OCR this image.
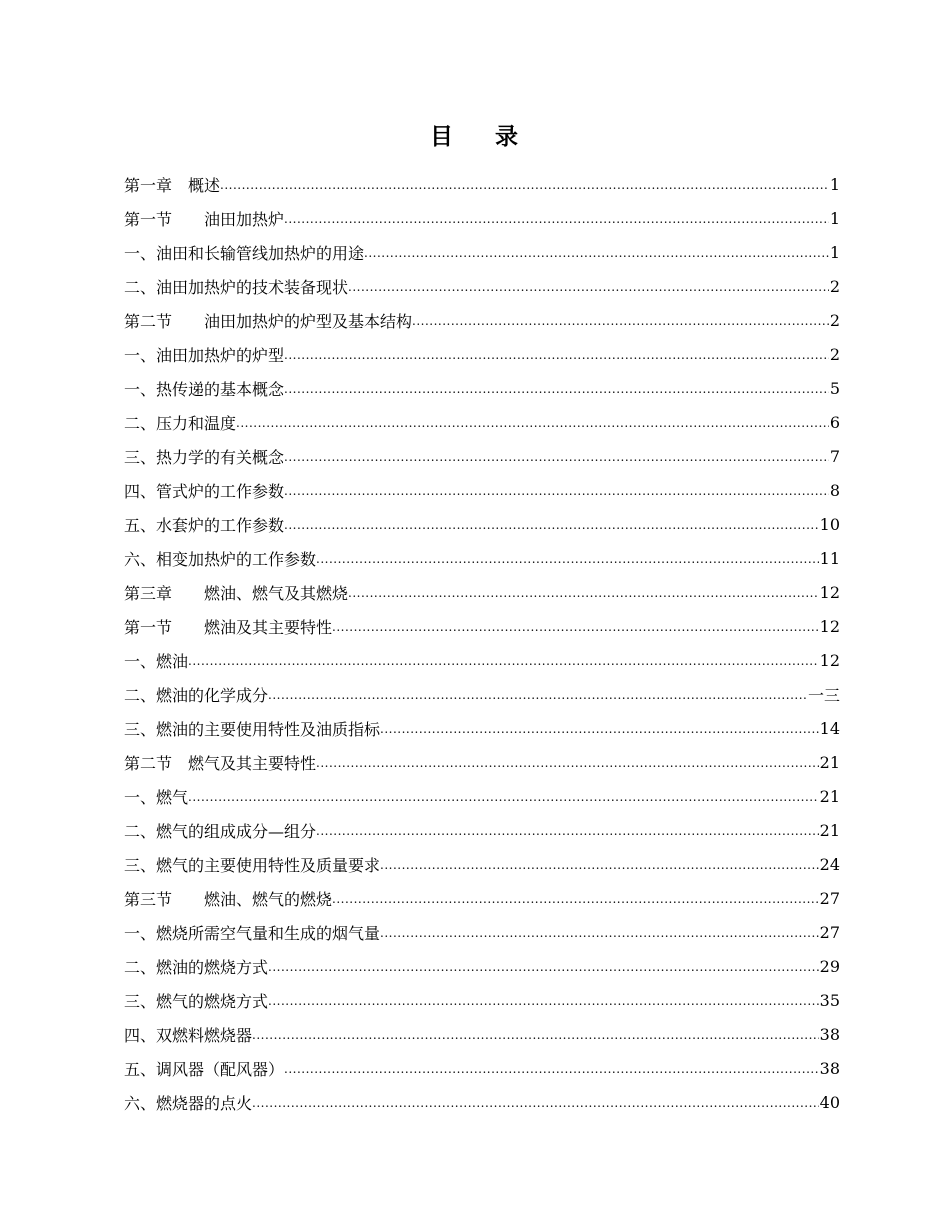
目 录
第一章　概述 .....	1
第一节　　油田加热炉 .....	1
一、油田和长输管线加热炉的用途 .....	1
二、油田加热炉的技术装备现状 .....	2
第二节　　油田加热炉的炉型及基本结构 .....	2
一、油田加热炉的炉型 .....	2
一、热传递的基本概念 .....	5
二、压力和温度 .....	6
三、热力学的有关概念 .....	7
四、管式炉的工作参数 .....	8
五、水套炉的工作参数 .....	10
六、相变加热炉的工作参数 .....	11
第三章　　燃油、燃气及其燃烧 .....	12
第一节　　燃油及其主要特性 .....	12
一、燃油 .....	12
二、燃油的化学成分 .....	一三
三、燃油的主要使用特性及油质指标 .....	14
第二节　燃气及其主要特性 .....	21
一、燃气 .....	21
二、燃气的组成成分—组分 .....	21
三、燃气的主要使用特性及质量要求 .....	24
第三节　　燃油、燃气的燃烧 .....	27
一、燃烧所需空气量和生成的烟气量 .....	27
二、燃油的燃烧方式 .....	29
三、燃气的燃烧方式 .....	35
四、双燃料燃烧器 .....	38
五、调风器（配风器） .....	38
六、燃烧器的点火 .....	40
